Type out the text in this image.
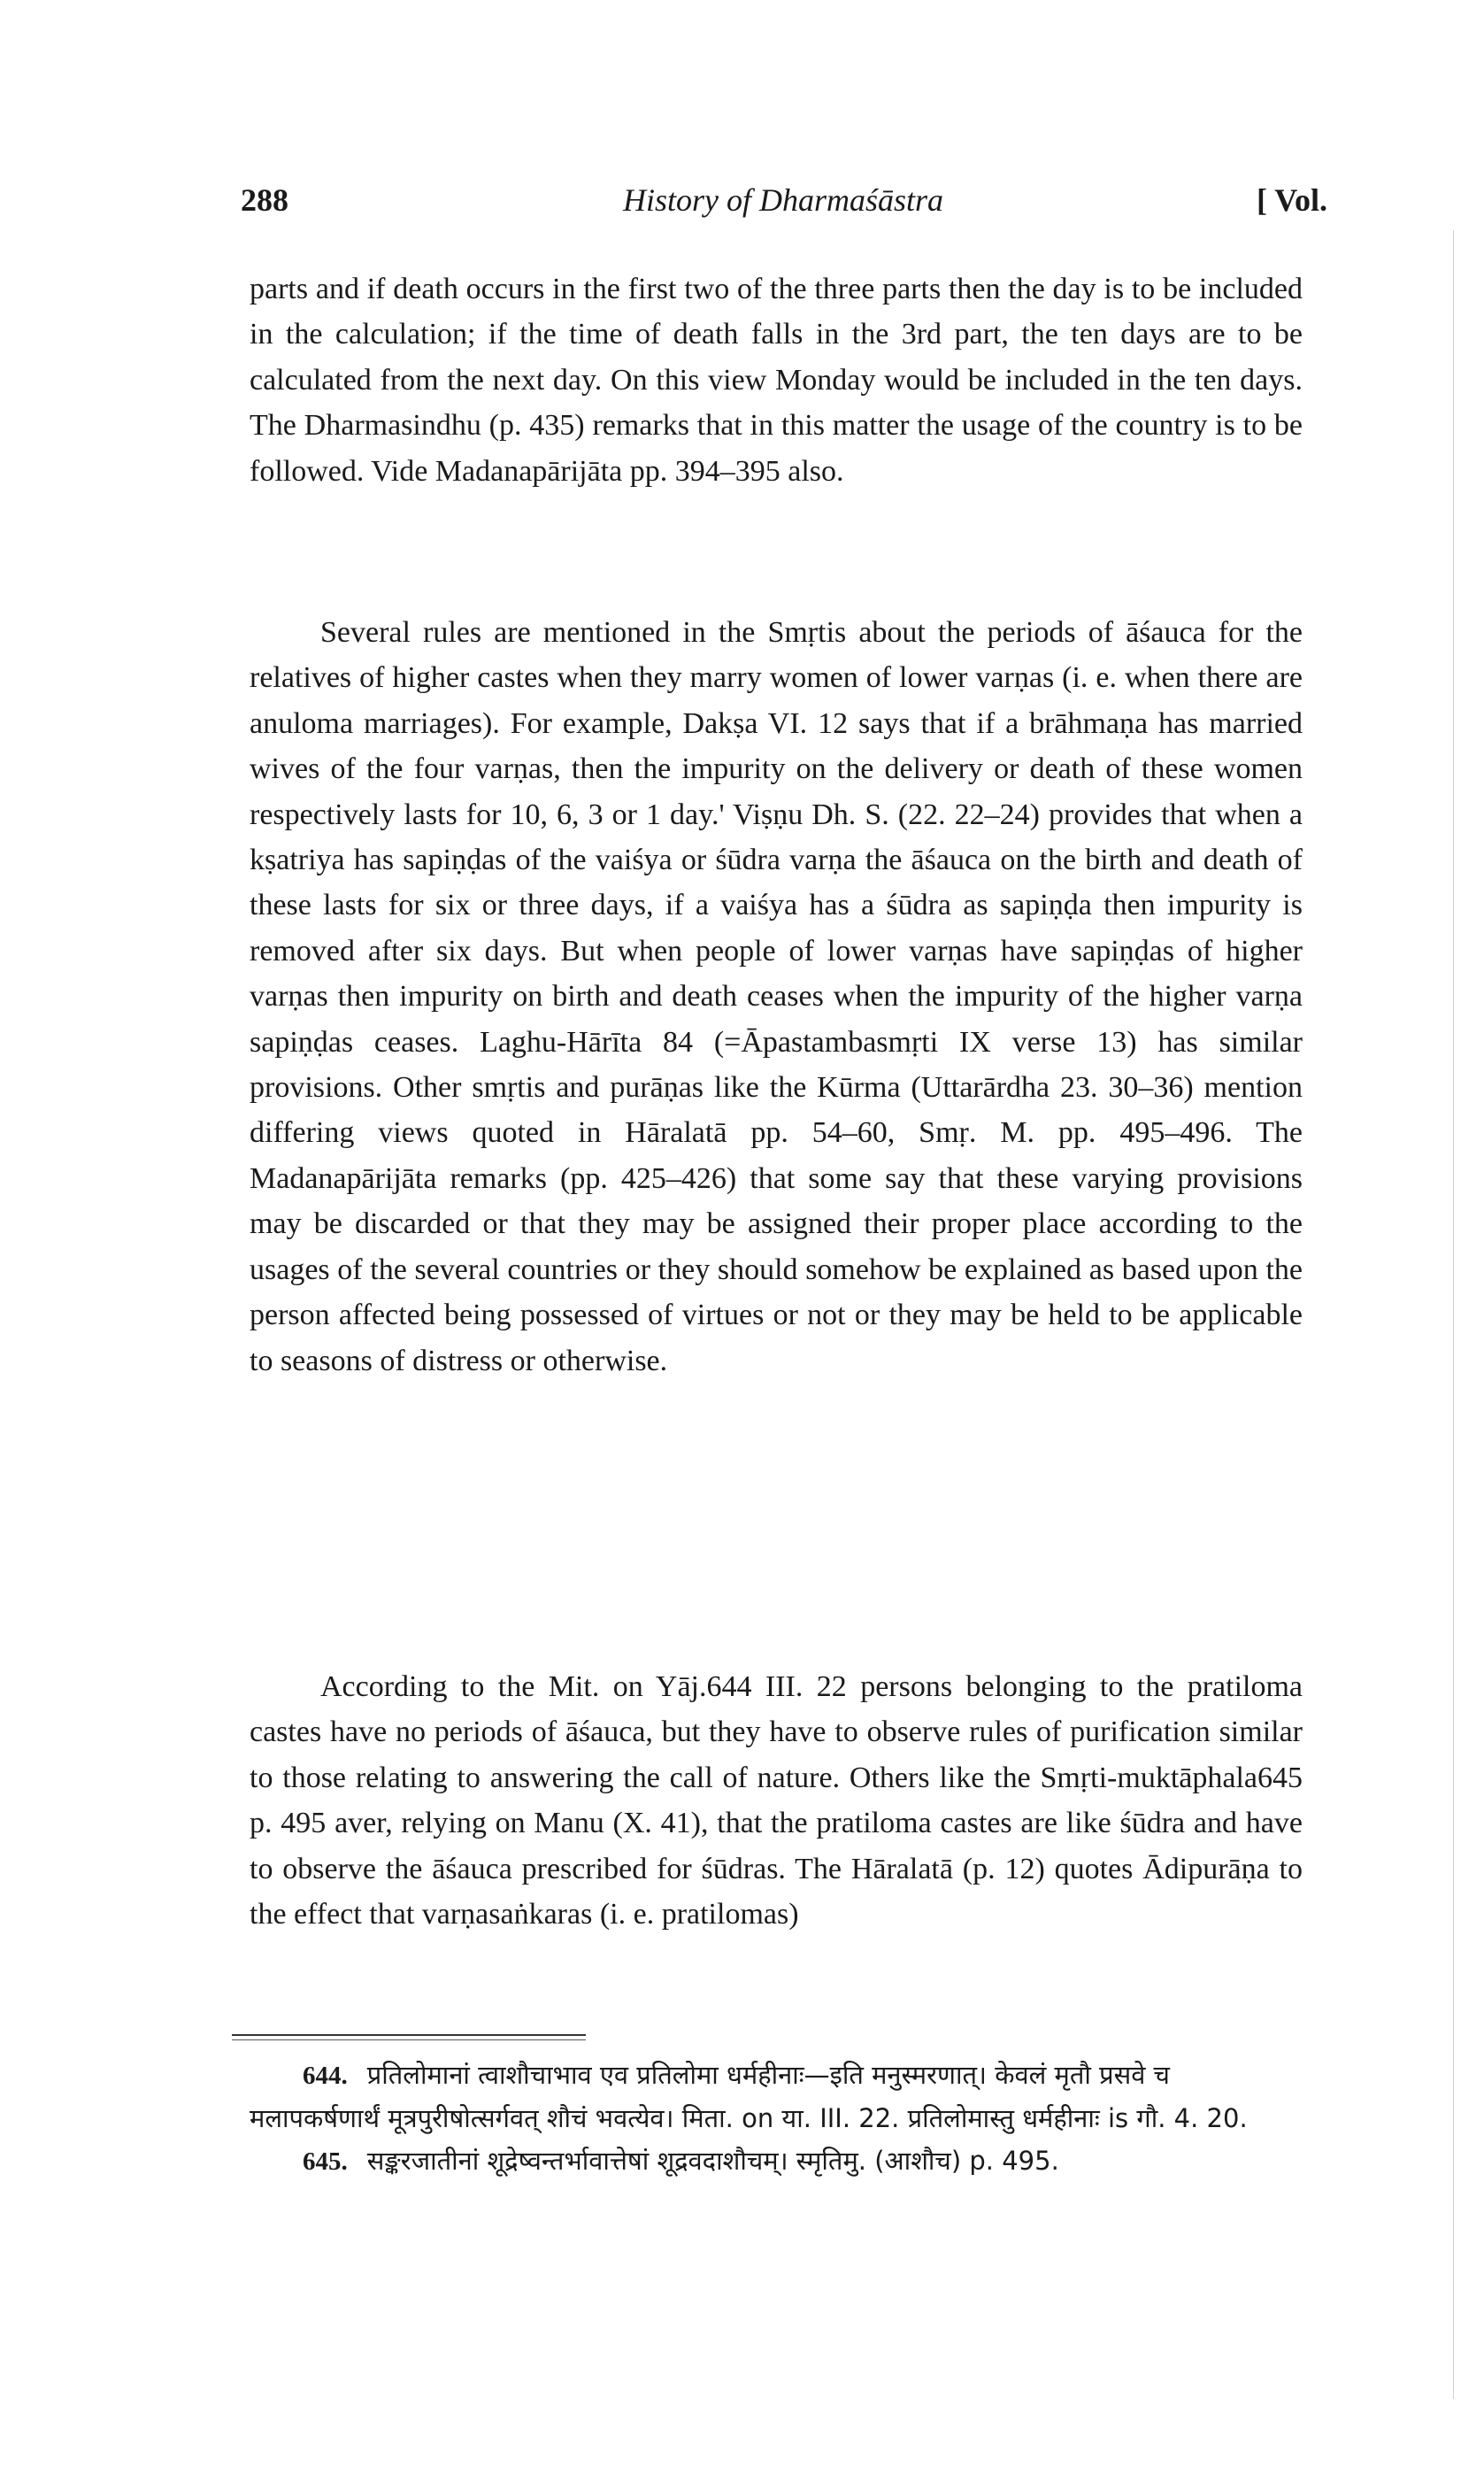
288	History of Dharmaśāstra	[ Vol.

parts and if death occurs in the first two of the three parts then the day is to be included in the calculation; if the time of death falls in the 3rd part, the ten days are to be calculated from the next day. On this view Monday would be included in the ten days. The Dharmasindhu (p. 435) remarks that in this matter the usage of the country is to be followed. Vide Madanapārijāta pp. 394–395 also.

Several rules are mentioned in the Smṛtis about the periods of āśauca for the relatives of higher castes when they marry women of lower varṇas (i. e. when there are anuloma marriages). For example, Dakṣa VI. 12 says that if a brāhmaṇa has married wives of the four varṇas, then the impurity on the delivery or death of these women respectively lasts for 10, 6, 3 or 1 day.' Viṣṇu Dh. S. (22. 22–24) provides that when a kṣatriya has sapiṇḍas of the vaiśya or śūdra varṇa the āśauca on the birth and death of these lasts for six or three days, if a vaiśya has a śūdra as sapiṇḍa then impurity is removed after six days. But when people of lower varṇas have sapiṇḍas of higher varṇas then impurity on birth and death ceases when the impurity of the higher varṇa sapiṇḍas ceases. Laghu-Hārīta 84 (=Āpastambasmṛti IX verse 13) has similar provisions. Other smṛtis and purāṇas like the Kūrma (Uttarārdha 23. 30–36) mention differing views quoted in Hāralatā pp. 54–60, Smṛ. M. pp. 495–496. The Madanapārijāta remarks (pp. 425–426) that some say that these varying provisions may be discarded or that they may be assigned their proper place according to the usages of the several countries or they should somehow be explained as based upon the person affected being possessed of virtues or not or they may be held to be applicable to seasons of distress or otherwise.

According to the Mit. on Yāj.644 III. 22 persons belonging to the pratiloma castes have no periods of āśauca, but they have to observe rules of purification similar to those relating to answering the call of nature. Others like the Smṛti-muktāphala645 p. 495 aver, relying on Manu (X. 41), that the pratiloma castes are like śūdra and have to observe the āśauca prescribed for śūdras. The Hāralatā (p. 12) quotes Ādipurāṇa to the effect that varṇasaṅkaras (i. e. pratilomas)

644. प्रतिलोमानां त्वाशौचाभाव एव प्रतिलोमा धर्महीनाः—इति मनुस्मरणात्। केवलं मृतौ प्रसवे च मलापकर्षणार्थं मूत्रपुरीषोत्सर्गवत् शौचं भवत्येव। मिता. on या. III. 22. प्रतिलोमास्तु धर्महीनाः is गौ. 4. 20.

645. सङ्करजातीनां शूद्रेष्वन्तर्भावात्तेषां शूद्रवदाशौचम्। स्मृतिमु. (आशौच) p. 495.
